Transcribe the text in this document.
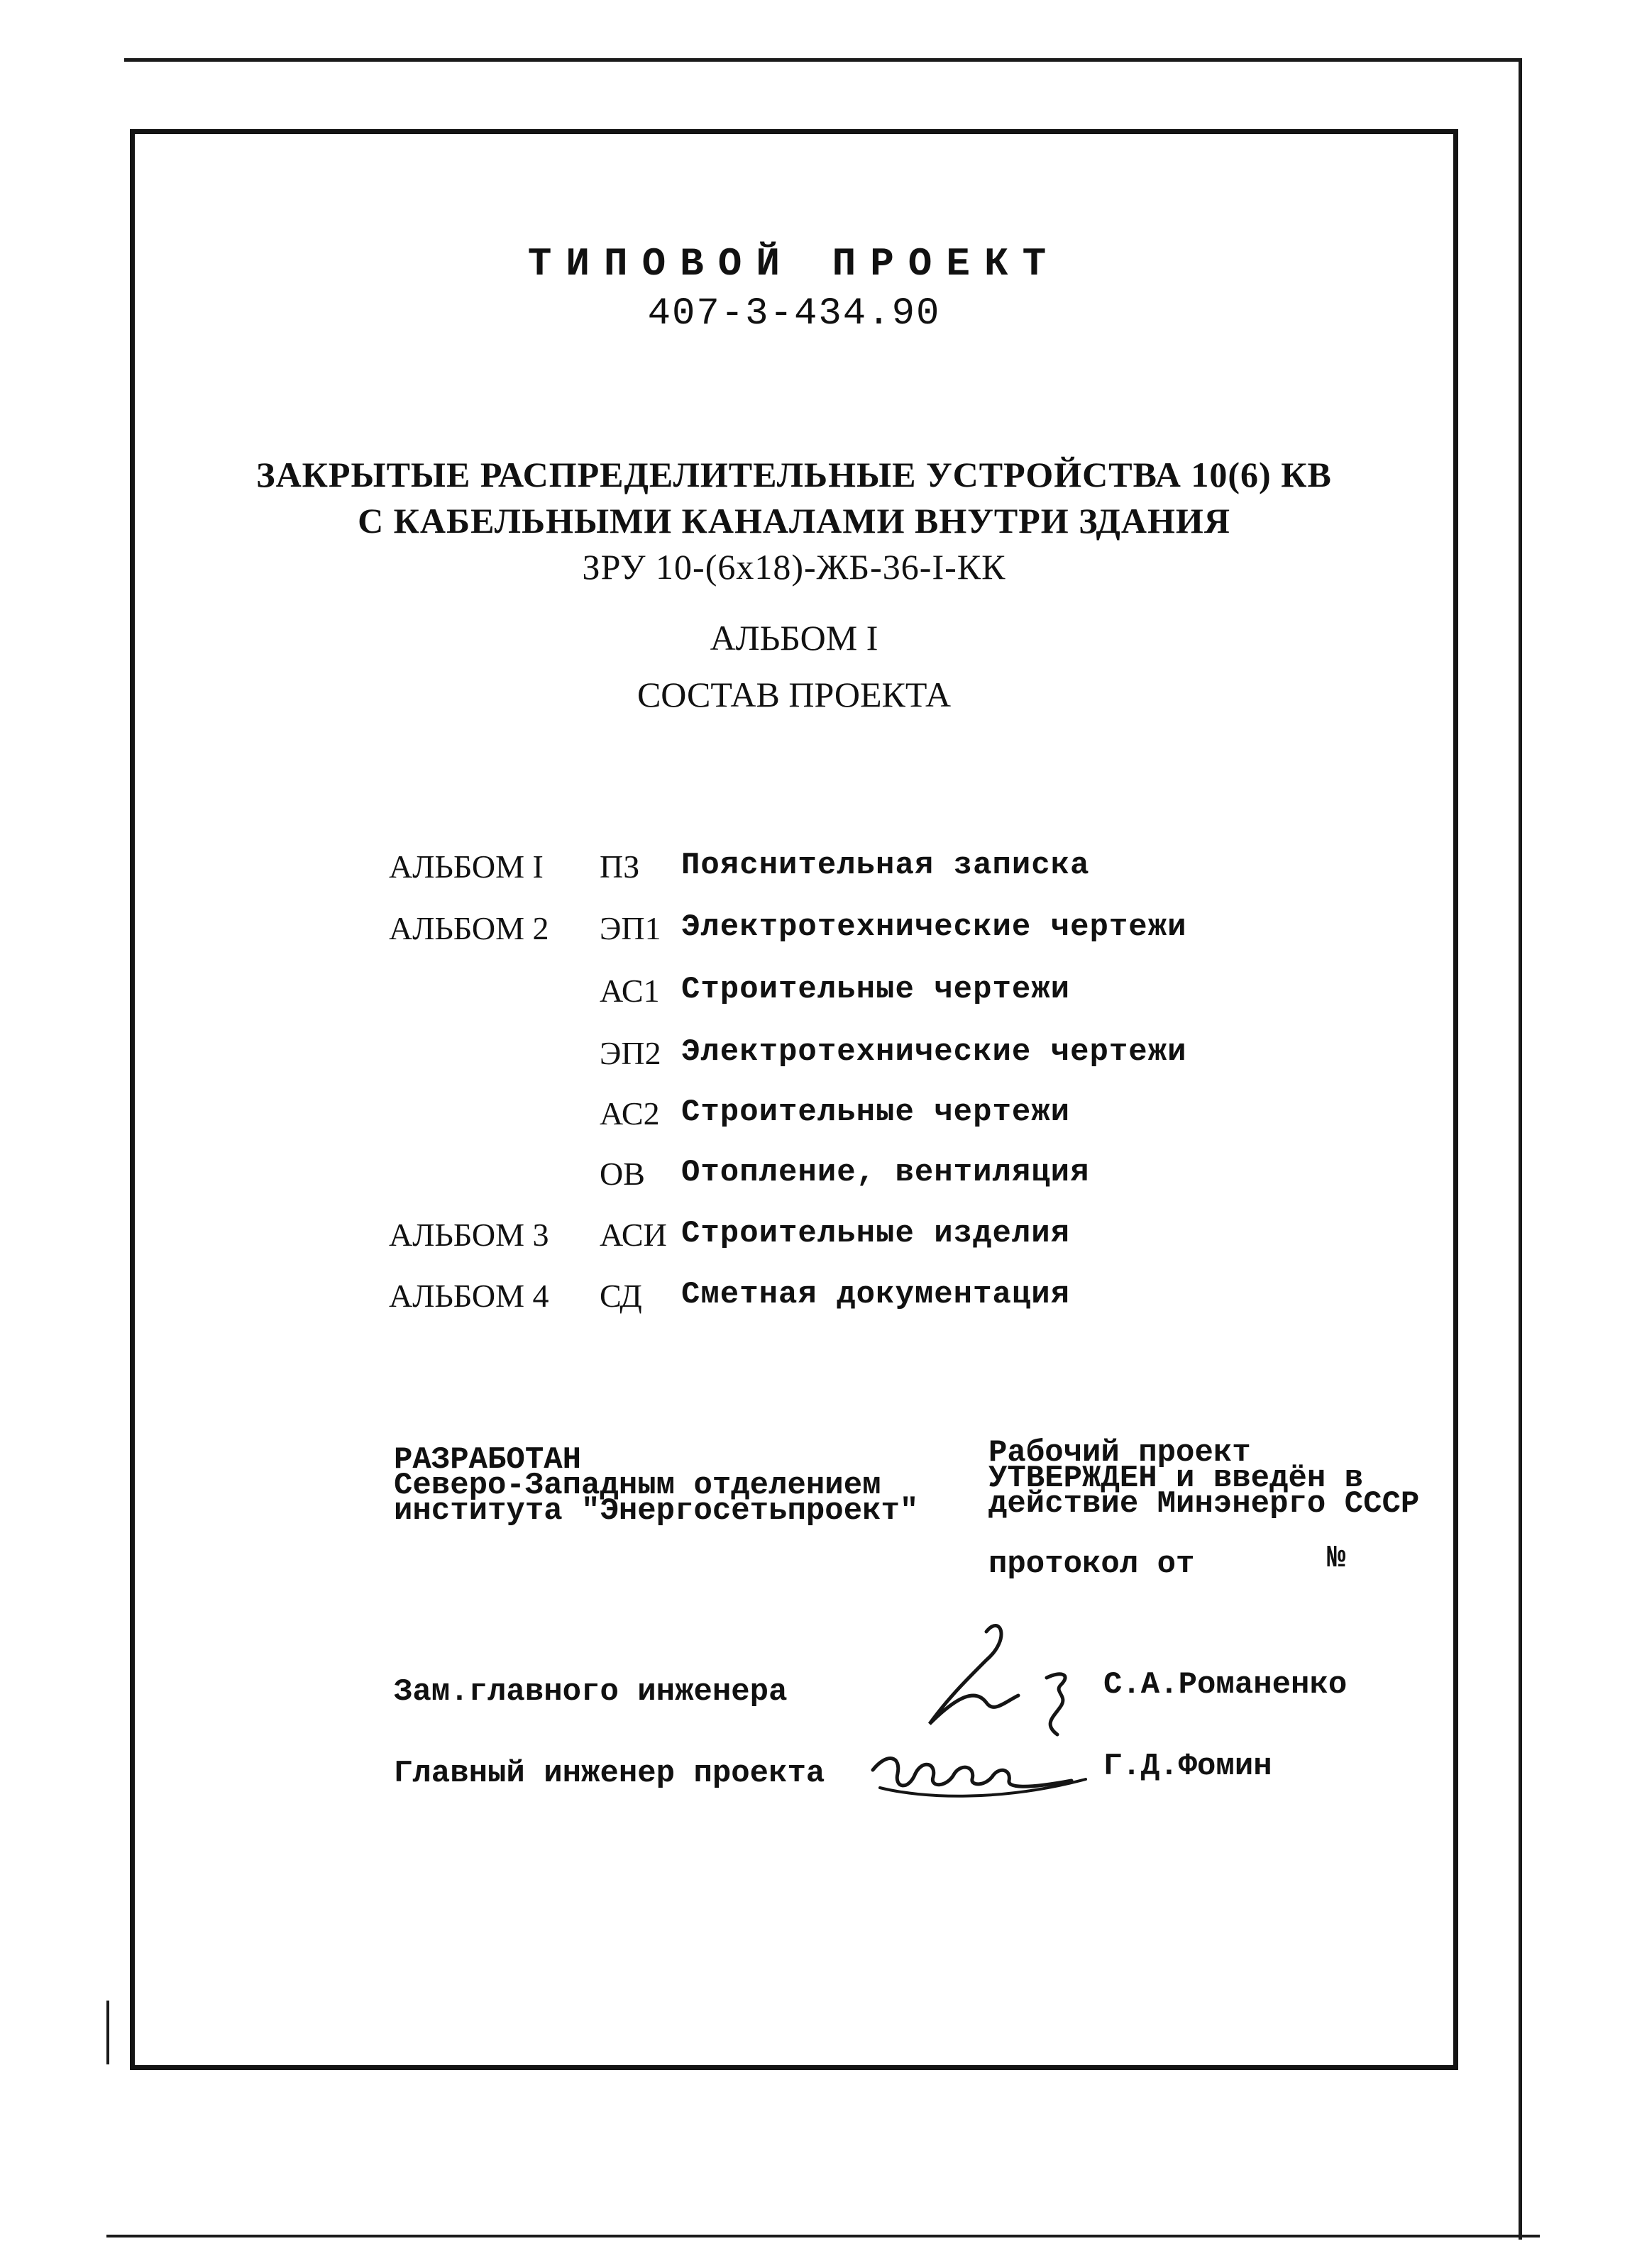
ТИПОВОЙ ПРОЕКТ
407-3-434.90
ЗАКРЫТЫЕ РАСПРЕДЕЛИТЕЛЬНЫЕ УСТРОЙСТВА 10(6) КВ
С КАБЕЛЬНЫМИ КАНАЛАМИ ВНУТРИ ЗДАНИЯ
ЗРУ 10-(6x18)-ЖБ-36-I-КК
АЛЬБОМ I
СОСТАВ ПРОЕКТА
АЛЬБОМ I ПЗ Пояснительная записка
АЛЬБОМ 2 ЭП1 Электротехнические чертежи
АС1 Строительные чертежи
ЭП2 Электротехнические чертежи
АС2 Строительные чертежи
ОВ Отопление, вентиляция
АЛЬБОМ 3 АСИ Строительные изделия
АЛЬБОМ 4 СД Сметная документация
РАЗРАБОТАН
Северо-Западным отделением
института "Энергосетьпроект"
Рабочий проект
УТВЕРЖДЕН и введён в
действие Минэнерго СССР
протокол от	№
Зам.главного инженера	С.А.Романенко
Главный инженер проекта	Г.Д.Фомин
